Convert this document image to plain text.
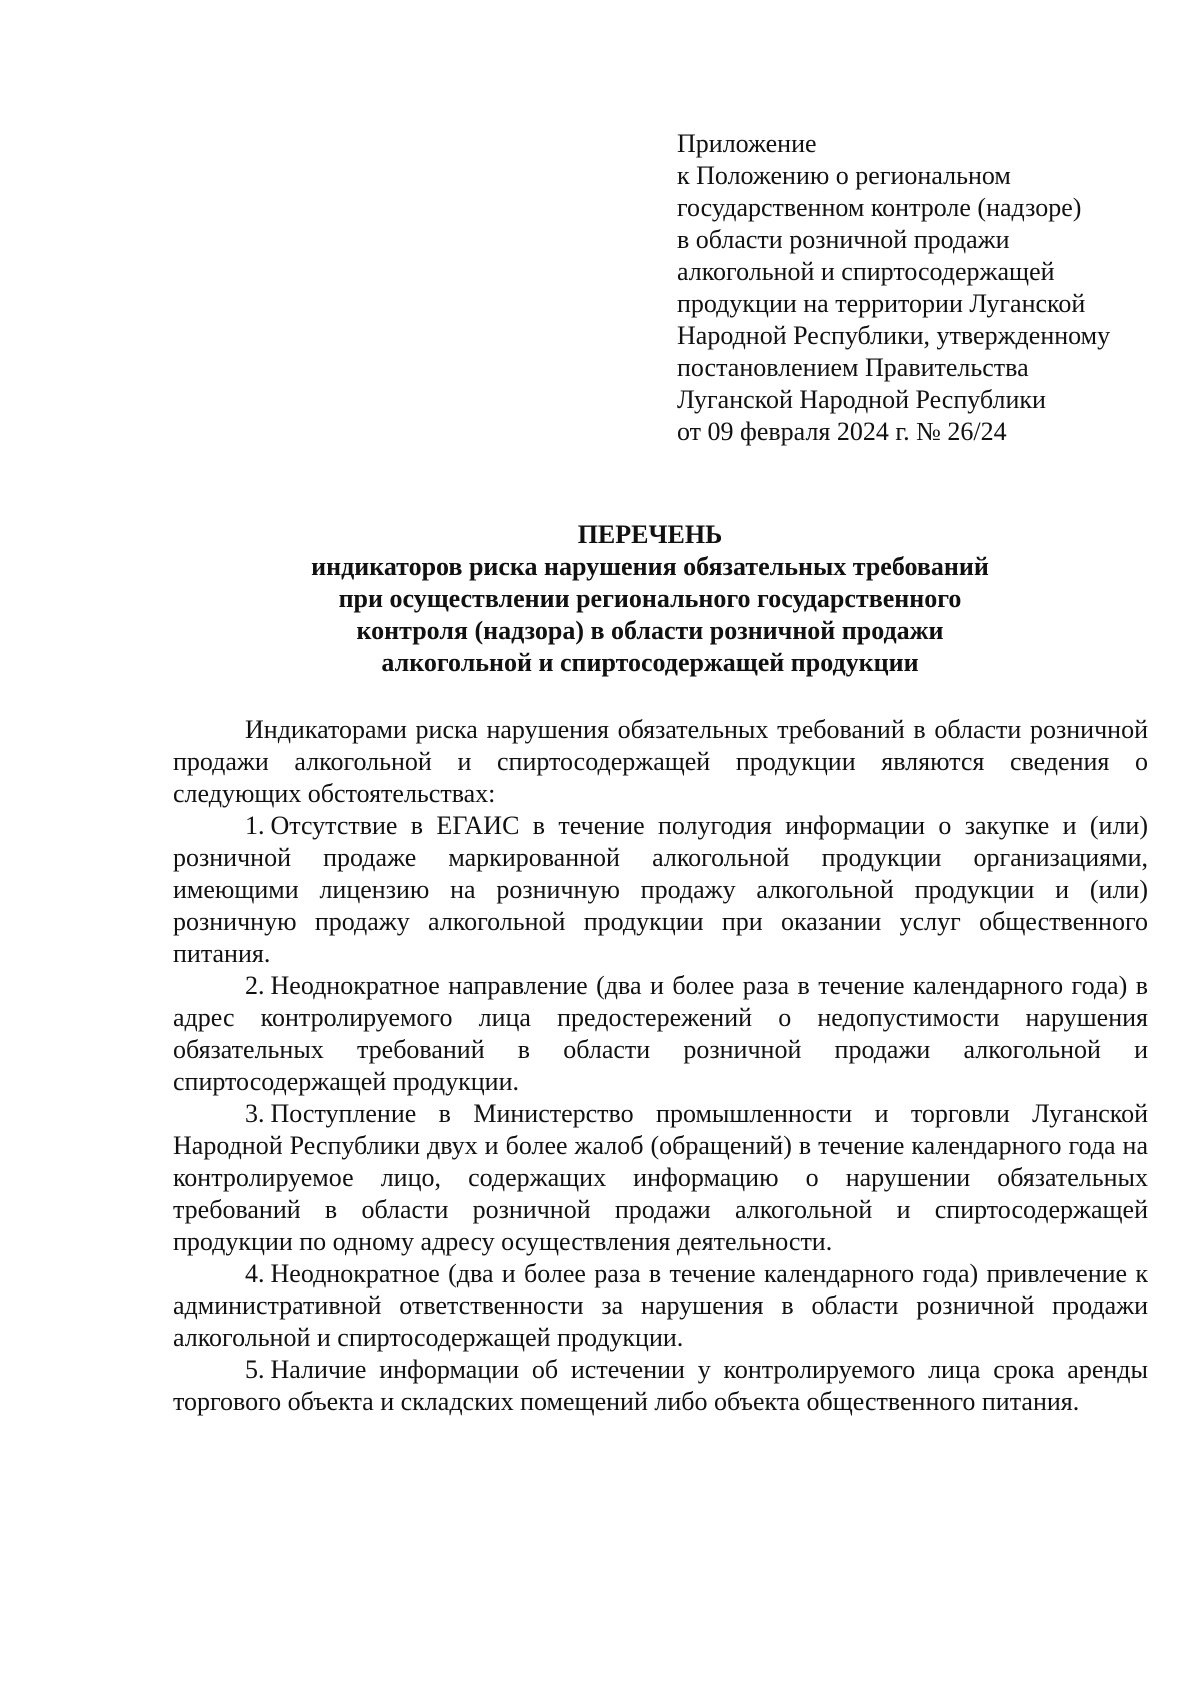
Приложение
к Положению о региональном
государственном контроле (надзоре)
в области розничной продажи
алкогольной и спиртосодержащей
продукции на территории Луганской
Народной Республики, утвержденному
постановлением Правительства
Луганской Народной Республики
от 09 февраля 2024 г. № 26/24
ПЕРЕЧЕНЬ
индикаторов риска нарушения обязательных требований
при осуществлении регионального государственного
контроля (надзора) в области розничной продажи
алкогольной и спиртосодержащей продукции

Индикаторами риска нарушения обязательных требований в области розничной продажи алкогольной и спиртосодержащей продукции являются сведения о следующих обстоятельствах:

1. Отсутствие в ЕГАИС в течение полугодия информации о закупке и (или) розничной продаже маркированной алкогольной продукции организациями, имеющими лицензию на розничную продажу алкогольной продукции и (или) розничную продажу алкогольной продукции при оказании услуг общественного питания.

2. Неоднократное направление (два и более раза в течение календарного года) в адрес контролируемого лица предостережений о недопустимости нарушения обязательных требований в области розничной продажи алкогольной и спиртосодержащей продукции.

3. Поступление в Министерство промышленности и торговли Луганской Народной Республики двух и более жалоб (обращений) в течение календарного года на контролируемое лицо, содержащих информацию о нарушении обязательных требований в области розничной продажи алкогольной и спиртосодержащей продукции по одному адресу осуществления деятельности.

4. Неоднократное (два и более раза в течение календарного года) привлечение к административной ответственности за нарушения в области розничной продажи алкогольной и спиртосодержащей продукции.

5. Наличие информации об истечении у контролируемого лица срока аренды торгового объекта и складских помещений либо объекта общественного питания.
